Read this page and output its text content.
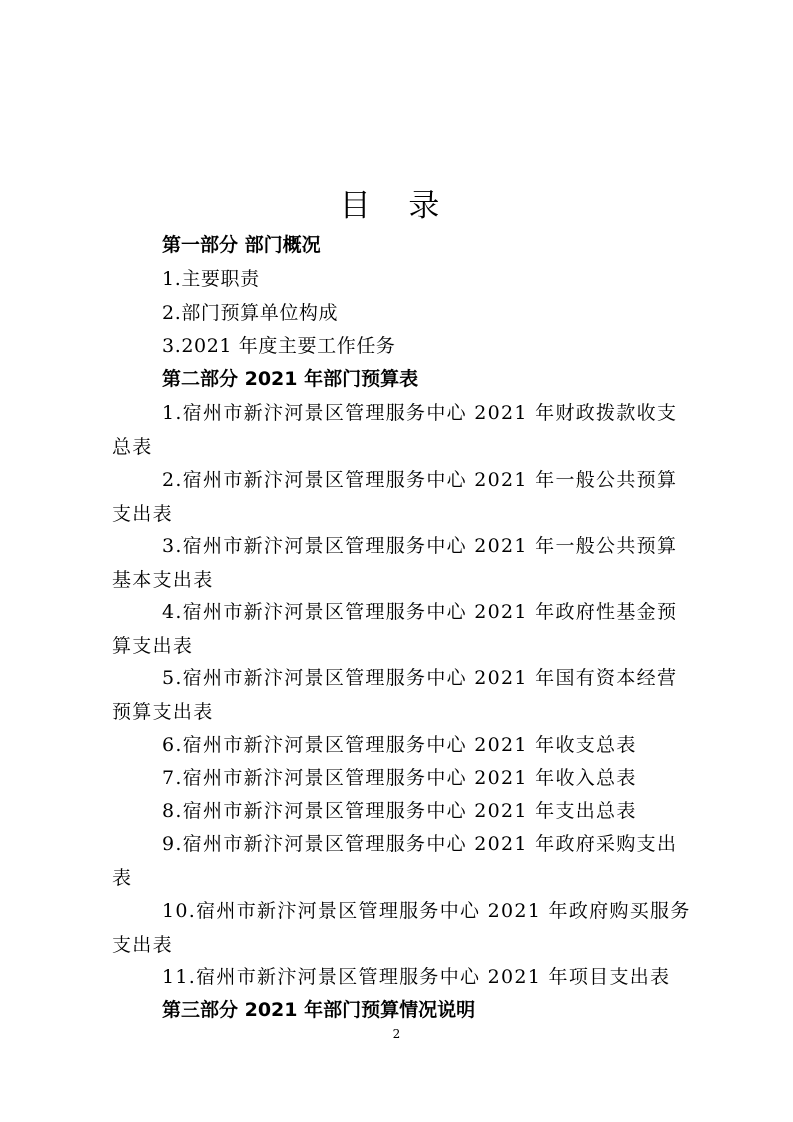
目 录
第一部分 部门概况
1.主要职责
2.部门预算单位构成
3.2021 年度主要工作任务
第二部分 2021 年部门预算表
1.宿州市新汴河景区管理服务中心 2021 年财政拨款收支
总表
2.宿州市新汴河景区管理服务中心 2021 年一般公共预算
支出表
3.宿州市新汴河景区管理服务中心 2021 年一般公共预算
基本支出表
4.宿州市新汴河景区管理服务中心 2021 年政府性基金预
算支出表
5.宿州市新汴河景区管理服务中心 2021 年国有资本经营
预算支出表
6.宿州市新汴河景区管理服务中心 2021 年收支总表
7.宿州市新汴河景区管理服务中心 2021 年收入总表
8.宿州市新汴河景区管理服务中心 2021 年支出总表
9.宿州市新汴河景区管理服务中心 2021 年政府采购支出
表
10.宿州市新汴河景区管理服务中心 2021 年政府购买服务
支出表
11.宿州市新汴河景区管理服务中心 2021 年项目支出表
第三部分 2021 年部门预算情况说明
2
